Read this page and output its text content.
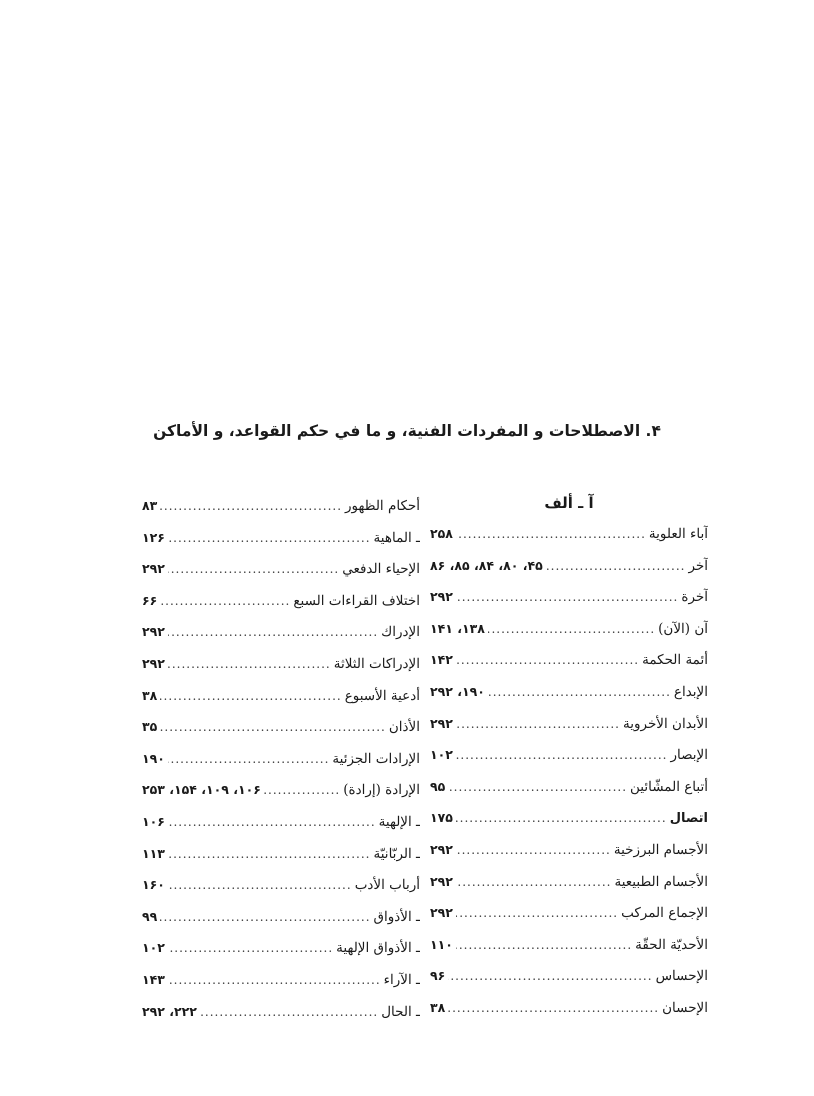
۴. الاصطلاحات و المفردات الفنية، و ما في حكم القواعد، و الأماكن
آ ـ ألف
آباء العلوية
.....
۲۵۸
آخر
.....
۴۵، ۸۰، ۸۴، ۸۵، ۸۶
آخرة
.....
۲۹۲
آن (الآن)
.....
۱۳۸، ۱۴۱
أئمة الحكمة
.....
۱۴۲
الإبداع
.....
۱۹۰، ۲۹۲
الأبدان الأخروية
.....
۲۹۲
الإبصار
.....
۱۰۲
أتباع المشّائين
.....
۹۵
اتصال
.....
۱۷۵
الأجسام البرزخية
.....
۲۹۲
الأجسام الطبيعية
.....
۲۹۲
الإجماع المركب
.....
۲۹۲
الأحديّة الحقّة
.....
۱۱۰
الإحساس
.....
۹۶
الإحسان
.....
۳۸
أحكام الظهور
.....
۸۳
ـ الماهية
.....
۱۲۶
الإحياء الدفعي
.....
۲۹۲
اختلاف القراءات السبع
.....
۶۶
الإدراك
.....
۲۹۲
الإدراكات الثلاثة
.....
۲۹۲
أدعية الأسبوع
.....
۳۸
الأذان
.....
۳۵
الإرادات الجزئية
.....
۱۹۰
الإرادة (إرادة)
.....
۱۰۶، ۱۰۹، ۱۵۴، ۲۵۳
ـ الإلهية
.....
۱۰۶
ـ الربّانيّة
.....
۱۱۳
أرباب الأدب
.....
۱۶۰
ـ الأذواق
.....
۹۹
ـ الأذواق الإلهية
.....
۱۰۲
ـ الآراء
.....
۱۴۳
ـ الحال
.....
۲۲۲، ۲۹۲
